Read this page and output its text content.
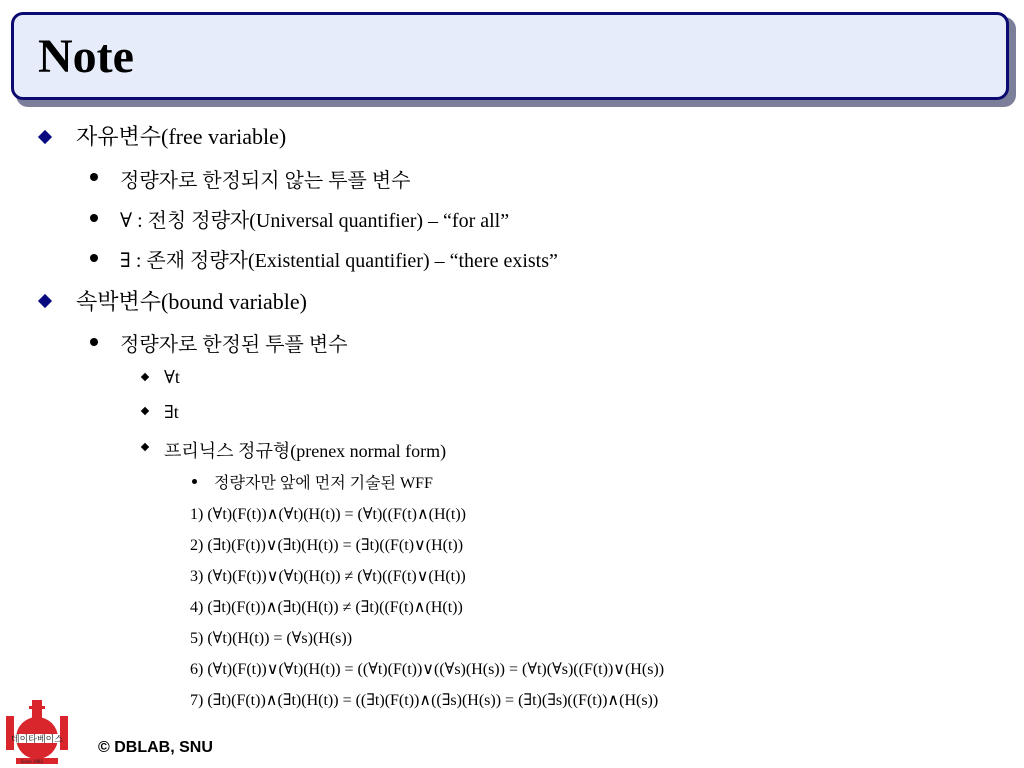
Note
자유변수(free variable)
정량자로 한정되지 않는 투플 변수
∀ : 전칭 정량자(Universal quantifier) – “for all”
∃ : 존재 정량자(Existential quantifier) – “there exists”
속박변수(bound variable)
정량자로 한정된 투플 변수
∀t
∃t
프리닉스 정규형(prenex normal form)
정량자만 앞에 먼저 기술된 WFF
1) (∀t)(F(t))∧(∀t)(H(t)) = (∀t)((F(t)∧(H(t))
2) (∃t)(F(t))∨(∃t)(H(t)) = (∃t)((F(t)∨(H(t))
3) (∀t)(F(t))∨(∀t)(H(t)) ≠ (∀t)((F(t)∨(H(t))
4) (∃t)(F(t))∧(∃t)(H(t)) ≠ (∃t)((F(t)∧(H(t))
5) (∀t)(H(t)) = (∀s)(H(s))
6) (∀t)(F(t))∨(∀t)(H(t)) = ((∀t)(F(t))∨((∀s)(H(s)) = (∀t)(∀s)((F(t))∨(H(s))
7) (∃t)(F(t))∧(∃t)(H(t)) = ((∃t)(F(t))∧((∃s)(H(s)) = (∃t)(∃s)((F(t))∧(H(s))
데이타베이스
Since 1982
© DBLAB, SNU
